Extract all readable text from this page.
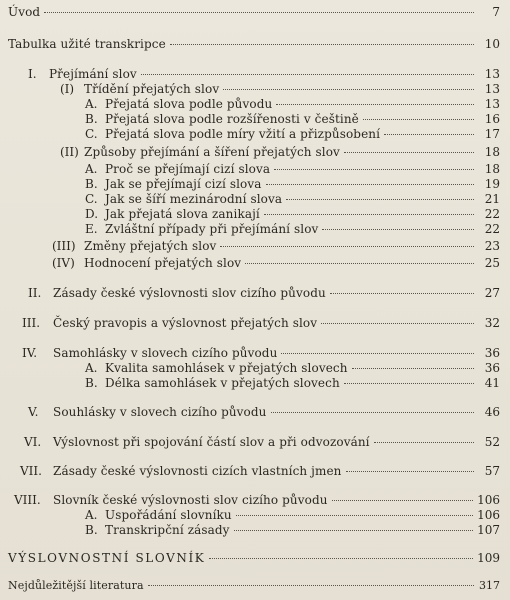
Úvod	7
Tabulka užité transkripce	10
I.	Přejímání slov	13
(I) Třídění přejatých slov	13
A. Přejatá slova podle původu	13
B. Přejatá slova podle rozšířenosti v češtině	16
C. Přejatá slova podle míry vžití a přizpůsobení	17
(II) Způsoby přejímání a šíření přejatých slov	18
A. Proč se přejímají cizí slova	18
B. Jak se přejímají cizí slova	19
C. Jak se šíří mezinárodní slova	21
D. Jak přejatá slova zanikají	22
E. Zvláštní případy při přejímání slov	22
(III) Změny přejatých slov	23
(IV) Hodnocení přejatých slov	25
II. Zásady české výslovnosti slov cizího původu	27
III.	Český pravopis a výslovnost přejatých slov	32
IV.	Samohlásky v slovech cizího původu	36
A. Kvalita samohlásek v přejatých slovech	36
B. Délka samohlásek v přejatých slovech	41
V.	Souhlásky v slovech cizího původu	46
VI. Výslovnost při spojování částí slov a při odvozování	52
VII. Zásady české výslovnosti cizích vlastních jmen	57
VIII.	Slovník české výslovnosti slov cizího původu	106
A. Uspořádání slovníku	106
B. Transkripční zásady	107
VÝSLOVNOSTNÍ SLOVNÍK	109
Nejdůležitější literatura	317
